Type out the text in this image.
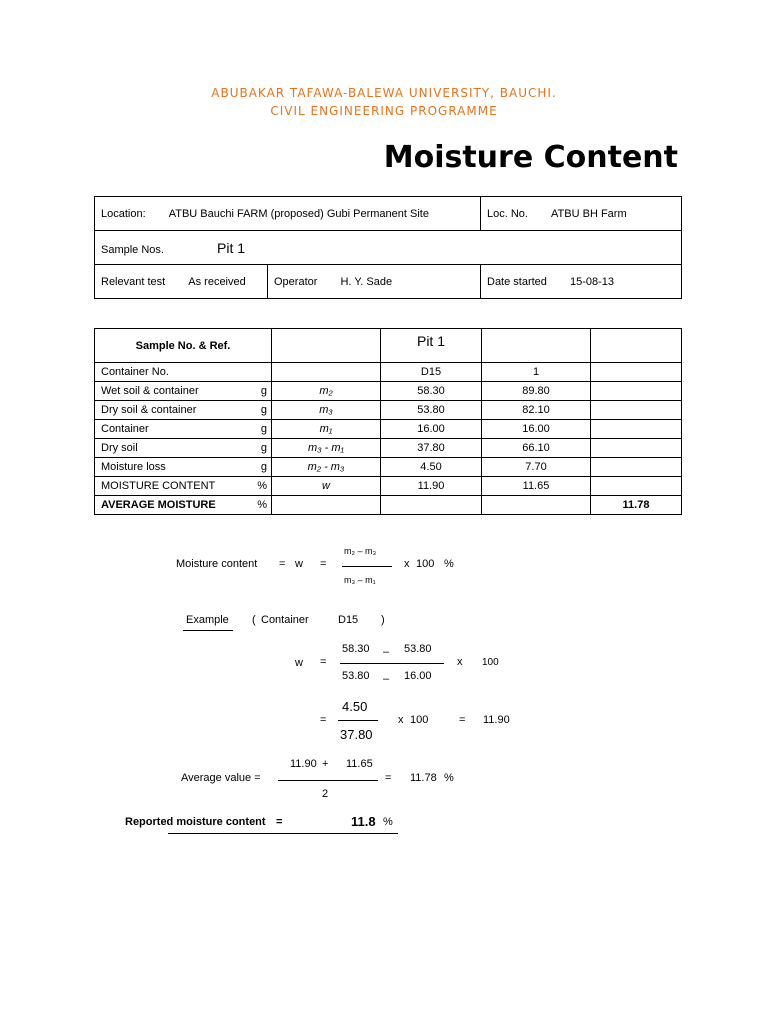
ABUBAKAR TAFAWA-BALEWA UNIVERSITY, BAUCHI.
CIVIL ENGINEERING PROGRAMME
Moisture Content
Location: ATBU Bauchi FARM (proposed) Gubi Permanent Site			Loc. No. ATBU BH Farm
Sample Nos. Pit 1			
Relevant test As received	Operator H. Y. Sade		Date started 15-08-13
Sample No. & Ref.		Pit 1		
Container No.		D15	1	
Wet soil & container g	m₂	58.30	89.80	
Dry soil & container g	m₃	53.80	82.10	
Container g	m₁	16.00	16.00	
Dry soil g	m₃ - m₁	37.80	66.10	
Moisture loss g	m₂ - m₃	4.50	7.70	
MOISTURE CONTENT %	w	11.90	11.65	
AVERAGE MOISTURE %				11.78
Moisture content = w =
m₂ – m₃
m₃ – m₁
x 100 %
Example ( Container	D15 )
w =
58.30 – 53.80
53.80 – 16.00
x 100
=
4.50
37.80
x 100	= 11.90
Average value =
11.90 + 11.65
2
= 11.78 %
Reported moisture content =	11.8 %
